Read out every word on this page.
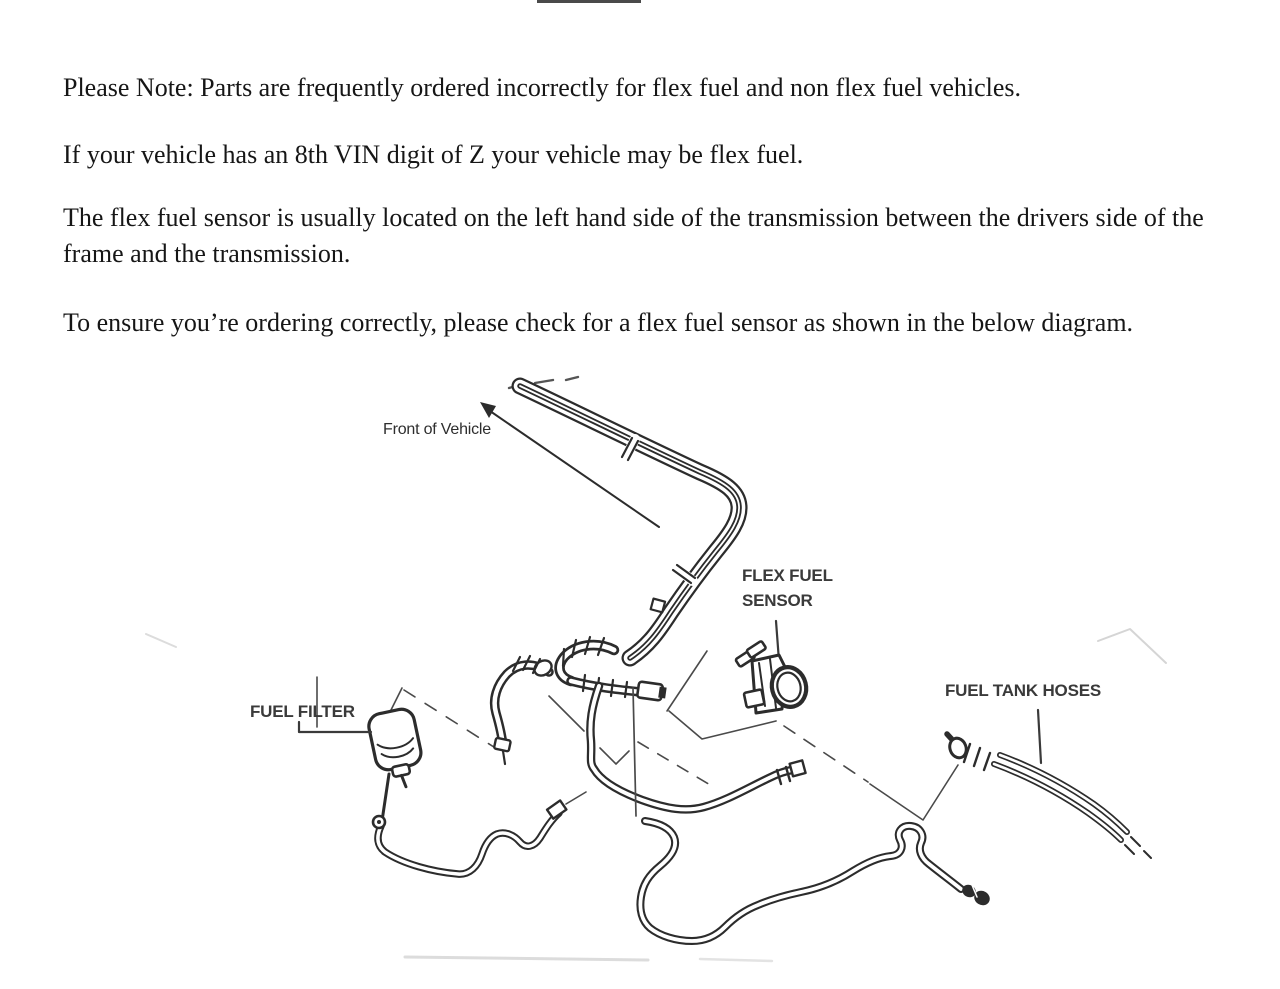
Please Note: Parts are frequently ordered incorrectly for flex fuel and non flex fuel vehicles.

If your vehicle has an 8th VIN digit of Z your vehicle may be flex fuel.

The flex fuel sensor is usually located on the left hand side of the transmission between the drivers side of the frame and the transmission.

To ensure you’re ordering correctly, please check for a flex fuel sensor as shown in the below diagram.

Front of Vehicle
FLEX FUEL SENSOR
FUEL FILTER
FUEL TANK HOSES
